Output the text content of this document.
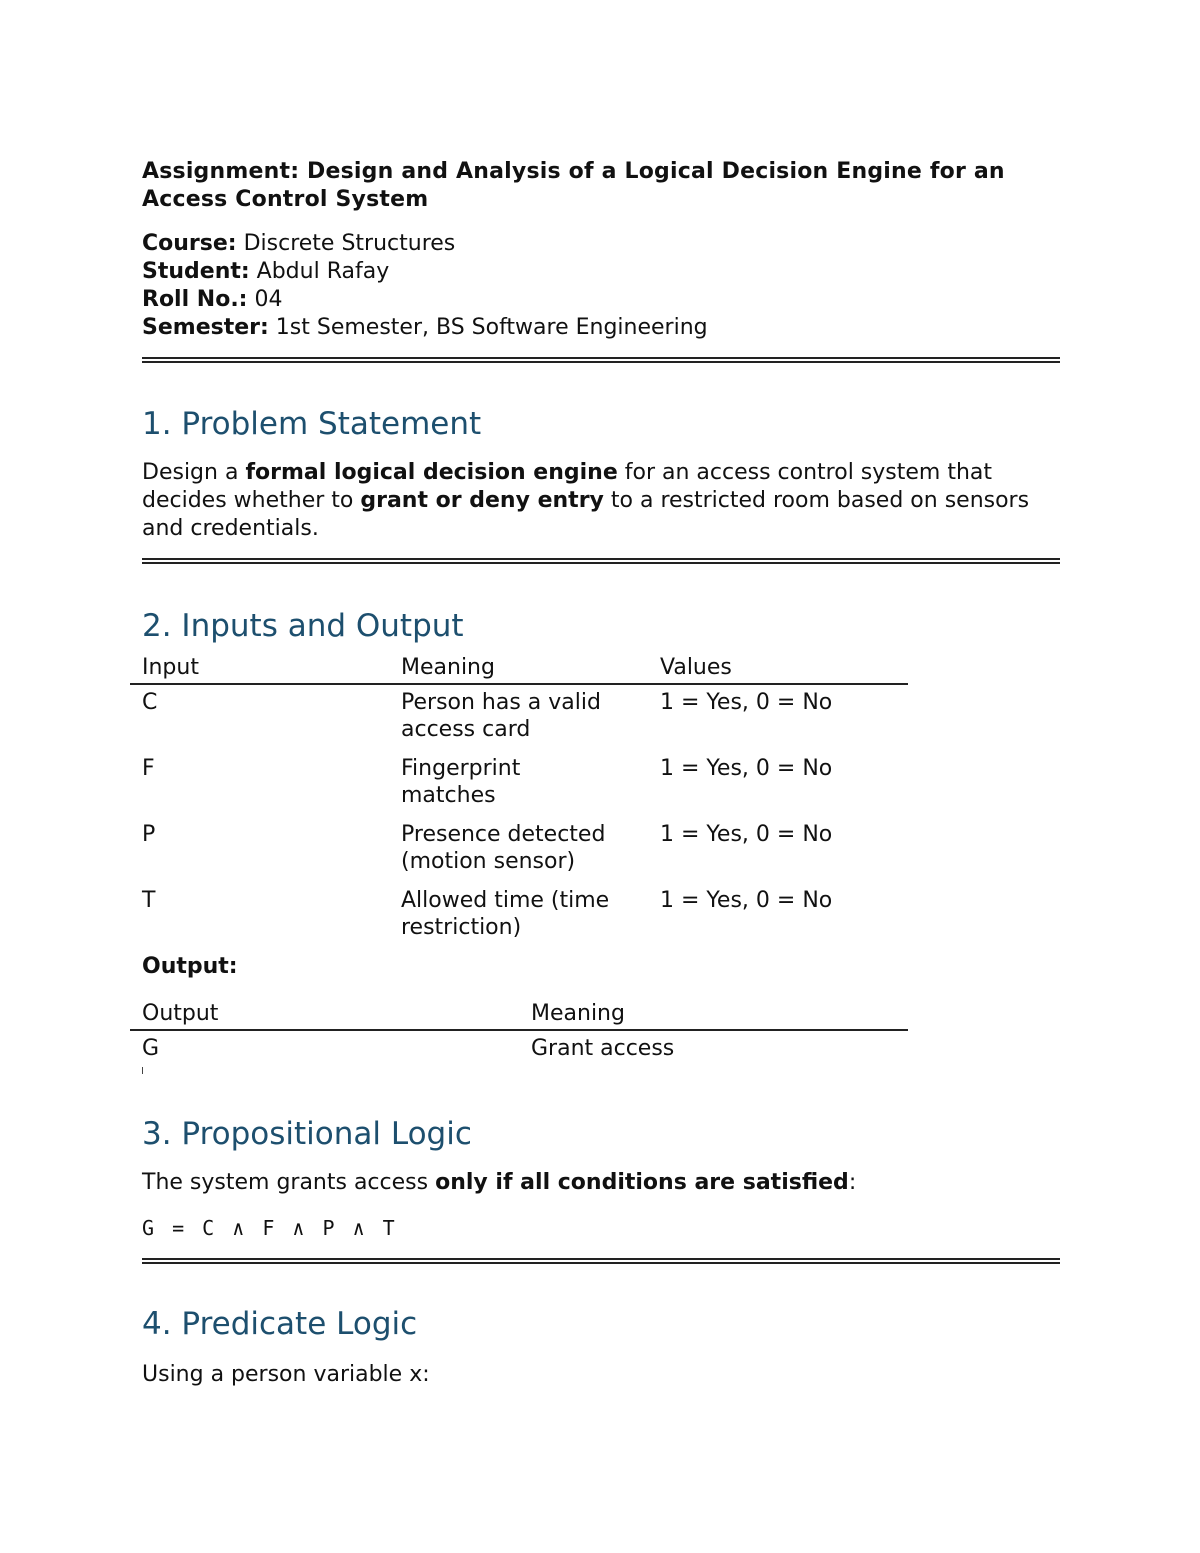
Assignment: Design and Analysis of a Logical Decision Engine for an Access Control System
Course: Discrete Structures
Student: Abdul Rafay
Roll No.: 04
Semester: 1st Semester, BS Software Engineering
1. Problem Statement
Design a formal logical decision engine for an access control system that decides whether to grant or deny entry to a restricted room based on sensors and credentials.
2. Inputs and Output
Input	Meaning	Values
C	Person has a valid access card	1 = Yes, 0 = No
F	Fingerprint matches	1 = Yes, 0 = No
P	Presence detected (motion sensor)	1 = Yes, 0 = No
T	Allowed time (time restriction)	1 = Yes, 0 = No
Output:
Output	Meaning
G	Grant access
3. Propositional Logic
The system grants access only if all conditions are satisfied:
G = C ∧ F ∧ P ∧ T
4. Predicate Logic
Using a person variable x:
